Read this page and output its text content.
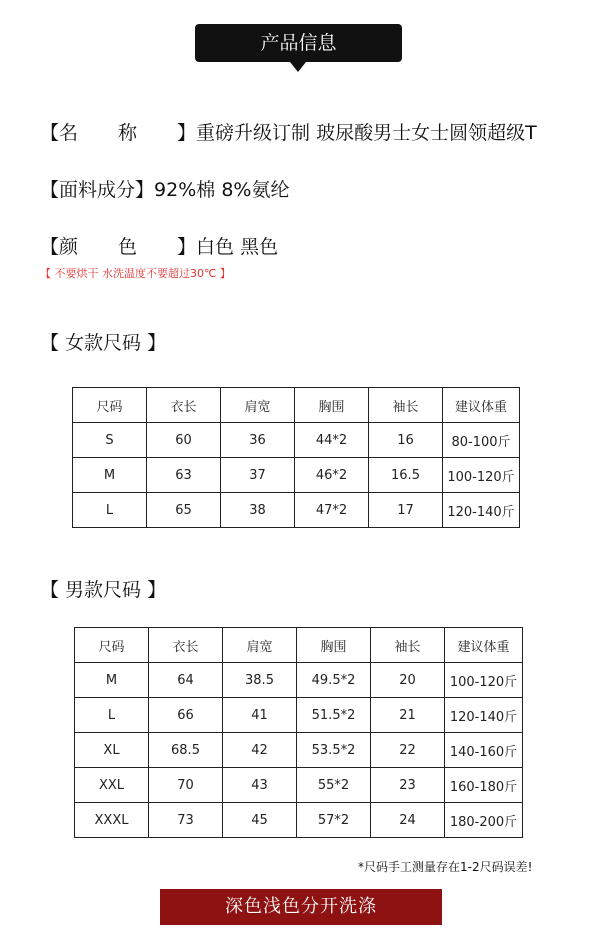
产品信息
【名称】重磅升级订制 玻尿酸男士女士圆领超级T
【面料成分】92%棉 8%氨纶
【颜色】白色 黑色
【 不要烘干 水洗温度不要超过30℃ 】
【 女款尺码 】
尺码	衣长	肩宽	胸围	袖长	建议体重
S	60	36	44*2	16	80-100斤
M	63	37	46*2	16.5	100-120斤
L	65	38	47*2	17	120-140斤
【 男款尺码 】
尺码	衣长	肩宽	胸围	袖长	建议体重
M	64	38.5	49.5*2	20	100-120斤
L	66	41	51.5*2	21	120-140斤
XL	68.5	42	53.5*2	22	140-160斤
XXL	70	43	55*2	23	160-180斤
XXXL	73	45	57*2	24	180-200斤
*尺码手工测量存在1-2尺码误差!
深色浅色分开洗涤
